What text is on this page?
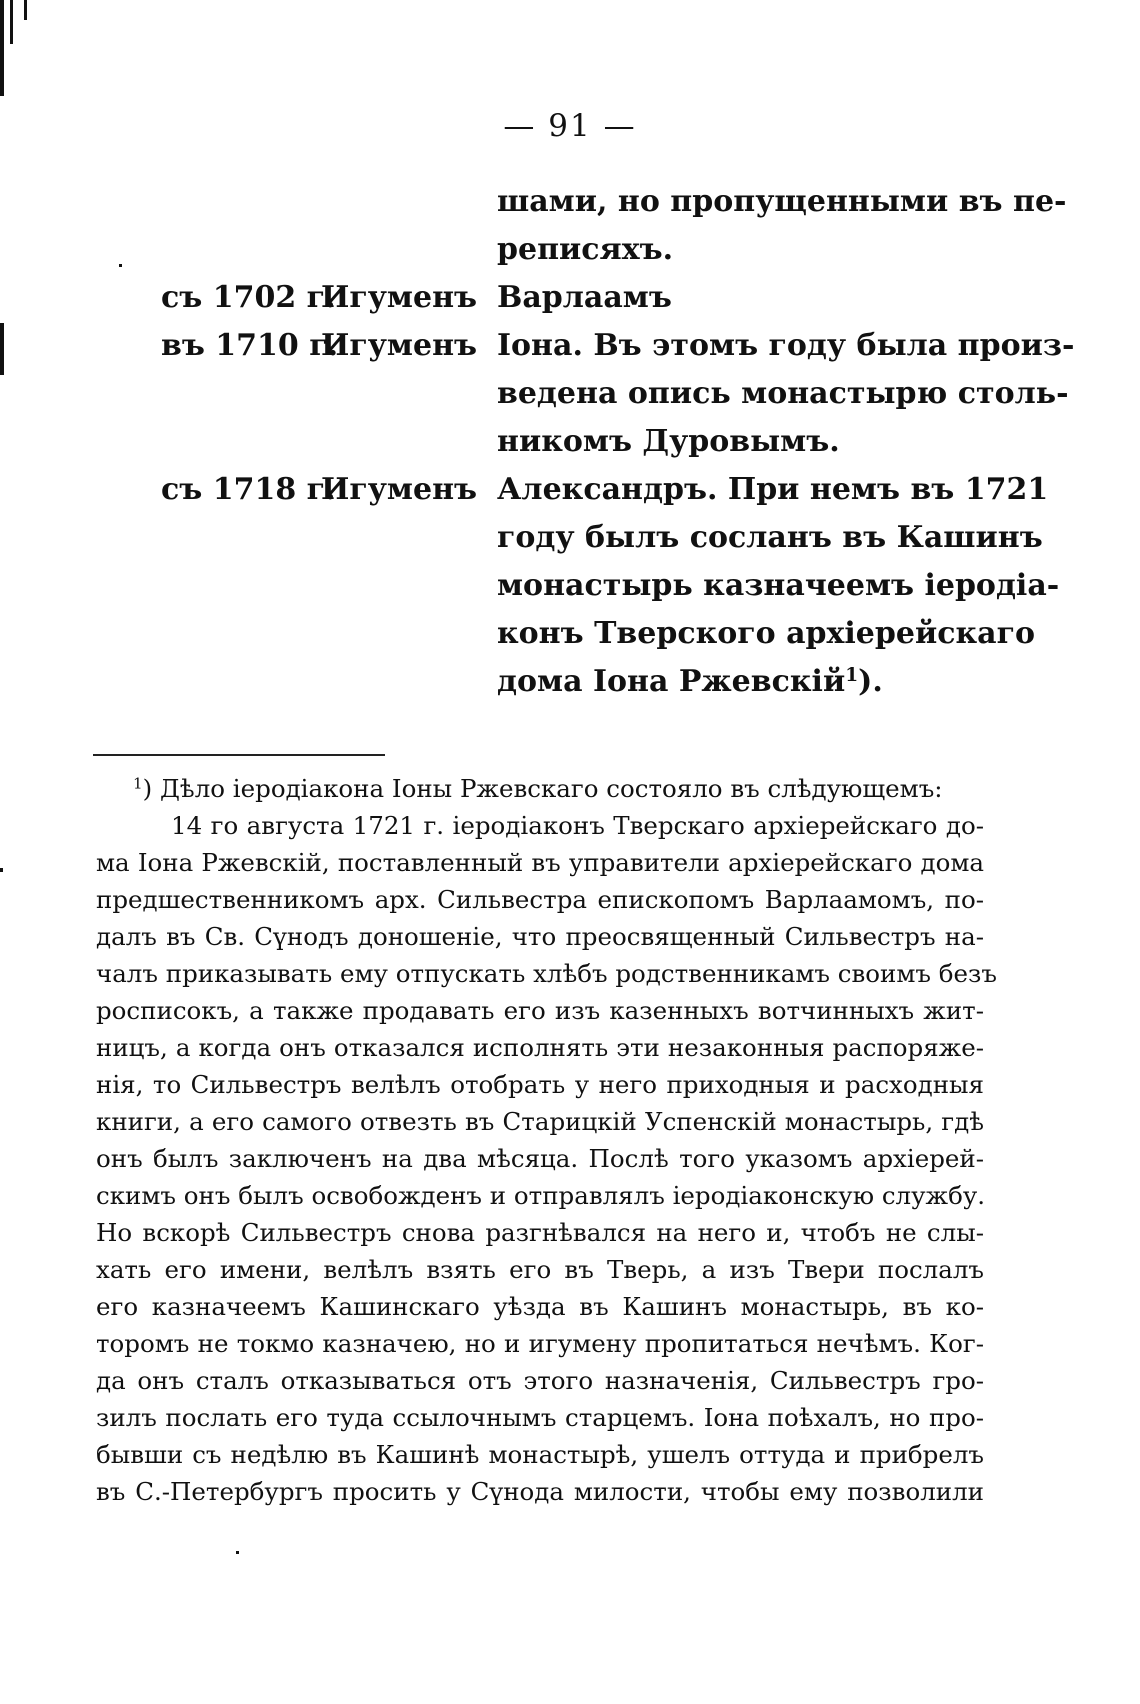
— 91 —
шами, но пропущенными въ пе-
реписяхъ.
съ 1702 г.
Игуменъ Варлаамъ
въ 1710 г.
Игуменъ Іона. Въ этомъ году была произ-
ведена опись монастырю столь-
никомъ Дуровымъ.
съ 1718 г.
Игуменъ Александръ. При немъ въ 1721
году былъ сосланъ въ Кашинъ
монастырь казначеемъ іеродіа-
конъ Тверского архіерейскаго
дома Іона Ржевскій$^1$).
$^1$) Дѣло іеродіакона Іоны Ржевскаго состояло въ слѣдующемъ:
14 го августа 1721 г. іеродіаконъ Тверскаго архіерейскаго до-
ма Іона Ржевскій, поставленный въ управители архіерейскаго дома
предшественникомъ арх. Сильвестра епископомъ Варлаамомъ, по-
далъ въ Св. Сүнодъ доношеніе, что преосвященный Сильвестръ на-
чалъ приказывать ему отпускать хлѣбъ родственникамъ своимъ безъ
росписокъ, а также продавать его изъ казенныхъ вотчинныхъ жит-
ницъ, а когда онъ отказался исполнять эти незаконныя распоряже-
нія, то Сильвестръ велѣлъ отобрать у него приходныя и расходныя
книги, а его самого отвезть въ Старицкій Успенскій монастырь, гдѣ
онъ былъ заключенъ на два мѣсяца. Послѣ того указомъ архіерей-
скимъ онъ былъ освобожденъ и отправлялъ іеродіаконскую службу.
Но вскорѣ Сильвестръ снова разгнѣвался на него и, чтобъ не слы-
хать его имени, велѣлъ взять его въ Тверь, а изъ Твери послалъ
его казначеемъ Кашинскаго уѣзда въ Кашинъ монастырь, въ ко-
торомъ не токмо казначею, но и игумену пропитаться нечѣмъ. Ког-
да онъ сталъ отказываться отъ этого назначенія, Сильвестръ гро-
зилъ послать его туда ссылочнымъ старцемъ. Іона поѣхалъ, но про-
бывши съ недѣлю въ Кашинѣ монастырѣ, ушелъ оттуда и прибрелъ
въ С.-Петербургъ просить у Сүнода милости, чтобы ему позволили
